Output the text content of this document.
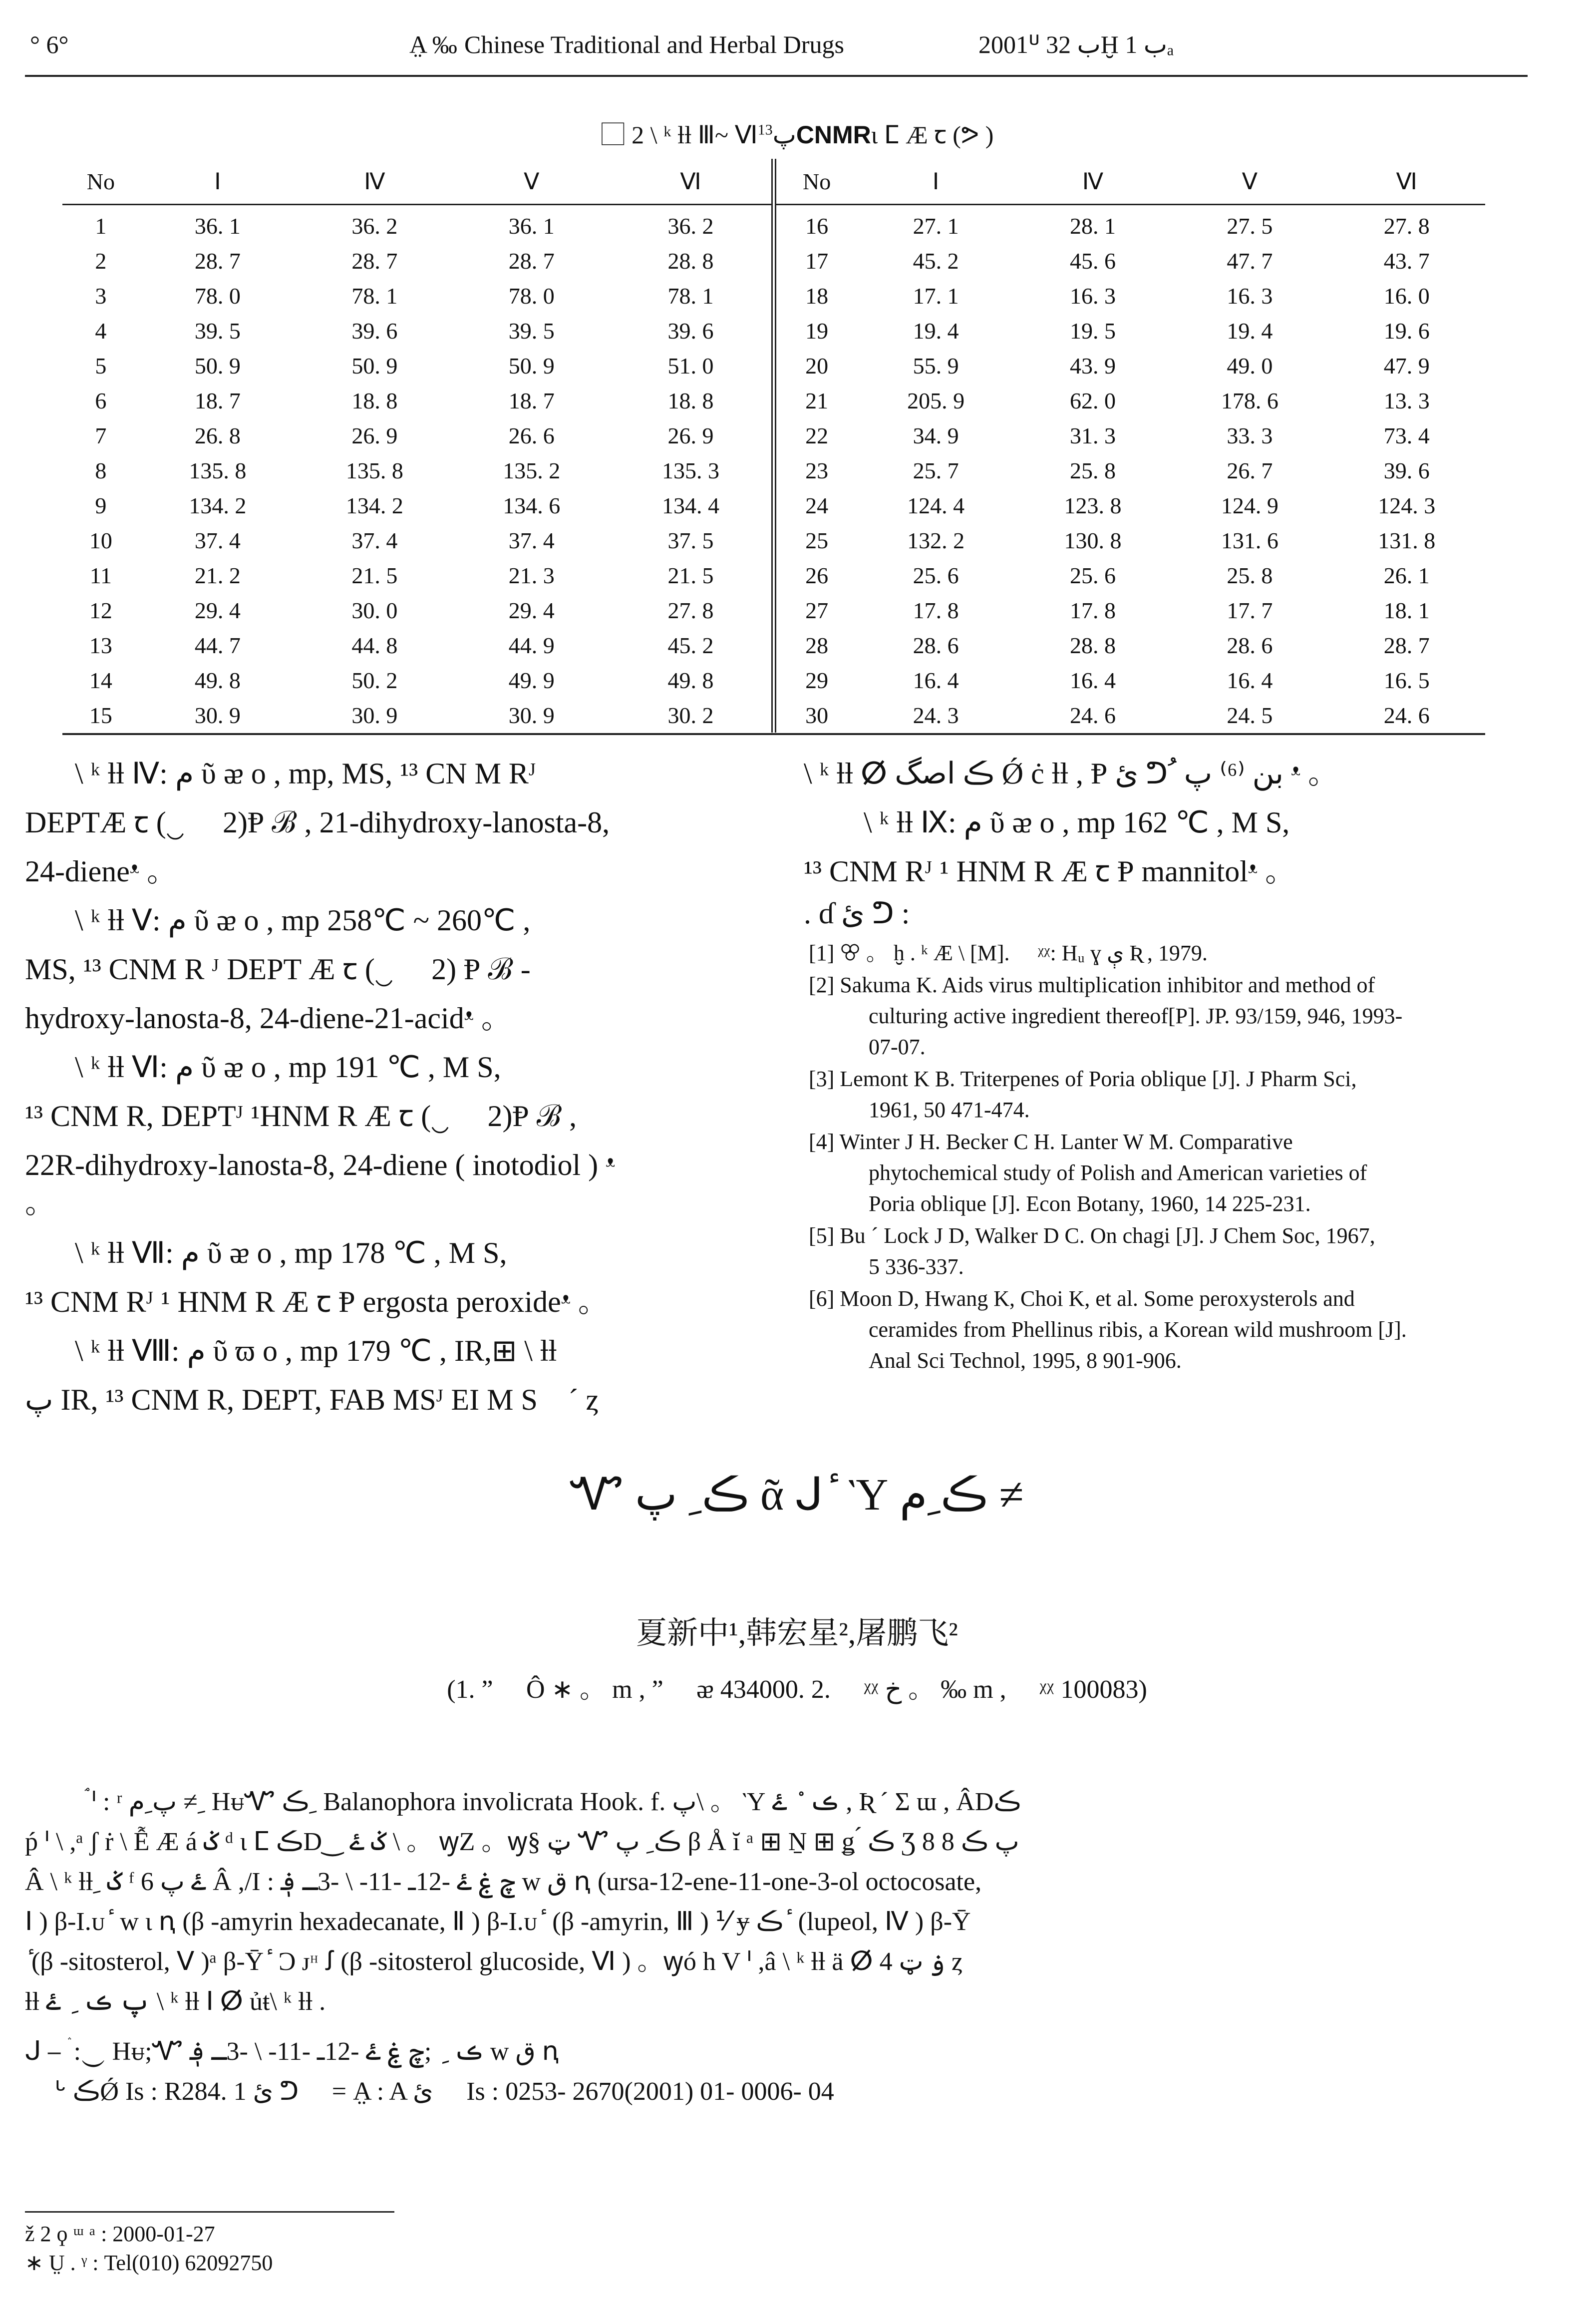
° 6°	A̤ ‰ Chinese Traditional and Herbal Drugs	2001ᓑ ب 32Ḫ ب 1ₐ
⃞ 2 \ ᵏ ƚƚ Ⅲ~ Ⅵپ$^{13}$ CNMRι ⵎ Æ ꞇ (ᕗ )
No	Ⅰ	Ⅳ	Ⅴ	Ⅵ	No	Ⅰ	Ⅳ	Ⅴ	Ⅵ
1	36. 1	36. 2	36. 1	36. 2	16	27. 1	28. 1	27. 5	27. 8
2	28. 7	28. 7	28. 7	28. 8	17	45. 2	45. 6	47. 7	43. 7
3	78. 0	78. 1	78. 0	78. 1	18	17. 1	16. 3	16. 3	16. 0
4	39. 5	39. 6	39. 5	39. 6	19	19. 4	19. 5	19. 4	19. 6
5	50. 9	50. 9	50. 9	51. 0	20	55. 9	43. 9	49. 0	47. 9
6	18. 7	18. 8	18. 7	18. 8	21	205. 9	62. 0	178. 6	13. 3
7	26. 8	26. 9	26. 6	26. 9	22	34. 9	31. 3	33. 3	73. 4
8	135. 8	135. 8	135. 2	135. 3	23	25. 7	25. 8	26. 7	39. 6
9	134. 2	134. 2	134. 6	134. 4	24	124. 4	123. 8	124. 9	124. 3
10	37. 4	37. 4	37. 4	37. 5	25	132. 2	130. 8	131. 6	131. 8
11	21. 2	21. 5	21. 3	21. 5	26	25. 6	25. 6	25. 8	26. 1
12	29. 4	30. 0	29. 4	27. 8	27	17. 8	17. 8	17. 7	18. 1
13	44. 7	44. 8	44. 9	45. 2	28	28. 6	28. 8	28. 6	28. 7
14	49. 8	50. 2	49. 9	49. 8	29	16. 4	16. 4	16. 4	16. 5
15	30. 9	30. 9	30. 9	30. 2	30	24. 3	24. 6	24. 5	24. 6
\ ᵏ ƚƚ Ⅳ: م ῦ ᴂ ο , mp, MS, ¹³ CN M Rᴶ
DEPTÆ ꞇ (‿ ⃞ 2)Ᵽ ℬ , 21-dihydroxy-lanosta-8,
24-dieneᵜ 。
\ ᵏ ƚƚ Ⅴ: م ῦ ᴂ ο , mp 258℃ ~ 260℃ ,
MS, ¹³ CNM R ᴶ DEPT Æ ꞇ (‿ ⃞ 2) Ᵽ ℬ -
hydroxy-lanosta-8, 24-diene-21-acidᵜ 。
\ ᵏ ƚƚ Ⅵ: م ῦ ᴂ ο , mp 191 ℃ , M S,
¹³ CNM R, DEPTᴶ ¹HNM R Æ ꞇ (‿ ⃞ 2)Ᵽ ℬ ,
22R-dihydroxy-lanosta-8, 24-diene ( inotodiol ) ᵜ
。
\ ᵏ ƚƚ Ⅶ: م ῦ ᴂ ο , mp 178 ℃ , M S,
¹³ CNM Rᴶ ¹ HNM R Æ ꞇ Ᵽ ergosta peroxideᵜ 。
\ ᵏ ƚƚ Ⅷ: م ῦ ϖ ο , mp 179 ℃ , IR,⊞ \ ƚƚ
پ IR, ¹³ CNM R, DEPT, FAB MSᴶ EI M S⃞ ˊ ȥ
\ ᵏ ƚƚ ⵁ ڪ اصگ Ǿ ċ ƚƚ , Ᵽ ئ ᕤ ُ بن ⁽⁶⁾ پ ᵜ 。
\ ᵏ ƚƚ Ⅸ: م ῦ ᴂ ο , mp 162 ℃ , M S,
¹³ CNM Rᴶ ¹ HNM R Æ ꞇ Ᵽ mannitolᵜ 。
. ɗ ئ ᕤ :
[1] ꕢ 。 ḫ . ᵏ Æ \ [M]. ⃞ ᵡᵡ: Hᵤ ɣ ې Ʀ , 1979.
[2] Sakuma K. Aids virus multiplication inhibitor and method of
culturing active ingredient thereof[P]. JP. 93/159, 946, 1993-
07-07.
[3] Lemont K B. Triterpenes of Poria oblique [J]. J Pharm Sci,
1961, 50 471-474.
[4] Winter J H. Becker C H. Lanter W M. Comparative
phytochemical study of Polish and American varieties of
Poria oblique [J]. Econ Botany, 1960, 14 225-231.
[5] Bu ˊ Lock J D, Walker D C. On chagi [J]. J Chem Soc, 1967,
5 336-337.
[6] Moon D, Hwang K, Choi K, et al. Some peroxysterols and
ceramides from Phellinus ribis, a Korean wild mushroom [J].
Anal Sci Technol, 1995, 8 901-906.
Ꮙ ڪ ِ پ ᾶ ᒍ ٔ Ὺ ڪ ِم ≠
夏新中¹,韩宏星²,屠鹏飞²
(1. ” ⃞ Ô ∗ 。 m , ” ⃞ ᴂ 434000. 2. ⃞ ᵡᵡ خ 。 ‰ m , ⃞ ᵡᵡ 100083)
ۘ ᑊ : ʳ پ ِم ≠ ِ HᵾᏉ ڪ ِ Balanophora involicrata Hook. f. پ\ 。 Ὺ ڪ ْ ۓ , Ʀ ˊ Σ ɯ , ÂDڪ
ṕ ᑊ \ ,ᵃ ʃ ṙ \ Ễ Æ á ݢ ᵈ ι ⵎ ڪD‿ ݢ ۓ \ 。 ꝡZ 。ꝡ§ ټ Ꮙ ڪ ِ پ β Å ĭ ᵃ ⊞ Ṉ ⊞ ǥ ́ ڪ Ʒ 8 پ ڪ 8
Â \ ᵏ ƚƚ ِ ݢ ᶠ ۓ پ 6 Â ,/I : چ ۼ ۓ -12ـ -11- \ -3ـ ؋ w ق ꞑ (ursa-12-ene-11-one-3-ol octocosate,
Ⅰ ) β-I.ᴜ ٔ w ɩ ꞑ (β -amyrin hexadecanate, Ⅱ ) β-I.ᴜ ٔ (β -amyrin, Ⅲ ) ⅟ ɏ ڪ ٔ (lupeol, Ⅳ ) β-Ȳ
ٔ (β -sitosterol, Ⅴ )ᵃ β-Ȳ ٔ Ɔ ᴊᵸ ꭍ (β -sitosterol glucoside, Ⅵ ) 。ꝡó h V ᑊ ,â \ ᵏ ƚƚ ä ⵁ 4 ۏ ټ ȥ
ƚƚ پ ڪ ِ ۓ \ ᵏ ƚƚ Ⅰ ⵁ ủŧ\ ᵏ ƚƚ .
ᒍ ⎯ ۛ :‿ Hᵾ;Ꮙ ڪ ِ ;چ ۼ ۓ -12ـ -11- \ -3ـ ؋ w ق ꞑ
ᒡ ڪǾ Is : R284. 1 ئ ᕤ ⃞ = A̤ : A ئ ⃞ Is : 0253- 2670(2001) 01- 0006- 04
ž 2 ϙ ᵚ ᵃ : 2000-01-27
∗ Ṳ . ᵞ : Tel(010) 62092750
